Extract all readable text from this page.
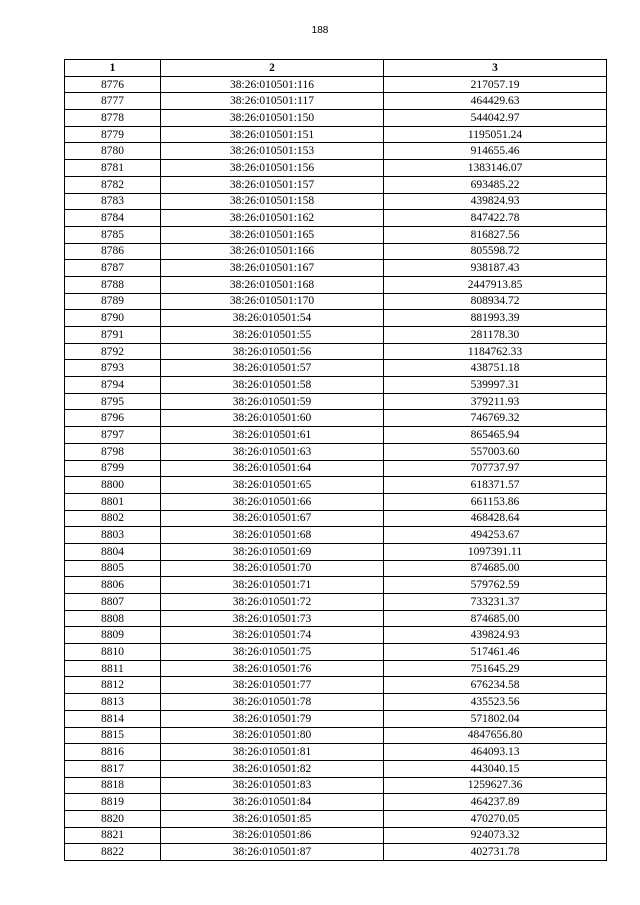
188
1	2	3
8776	38:26:010501:116	217057.19
8777	38:26:010501:117	464429.63
8778	38:26:010501:150	544042.97
8779	38:26:010501:151	1195051.24
8780	38:26:010501:153	914655.46
8781	38:26:010501:156	1383146.07
8782	38:26:010501:157	693485.22
8783	38:26:010501:158	439824.93
8784	38:26:010501:162	847422.78
8785	38:26:010501:165	816827.56
8786	38:26:010501:166	805598.72
8787	38:26:010501:167	938187.43
8788	38:26:010501:168	2447913.85
8789	38:26:010501:170	808934.72
8790	38:26:010501:54	881993.39
8791	38:26:010501:55	281178.30
8792	38:26:010501:56	1184762.33
8793	38:26:010501:57	438751.18
8794	38:26:010501:58	539997.31
8795	38:26:010501:59	379211.93
8796	38:26:010501:60	746769.32
8797	38:26:010501:61	865465.94
8798	38:26:010501:63	557003.60
8799	38:26:010501:64	707737.97
8800	38:26:010501:65	618371.57
8801	38:26:010501:66	661153.86
8802	38:26:010501:67	468428.64
8803	38:26:010501:68	494253.67
8804	38:26:010501:69	1097391.11
8805	38:26:010501:70	874685.00
8806	38:26:010501:71	579762.59
8807	38:26:010501:72	733231.37
8808	38:26:010501:73	874685.00
8809	38:26:010501:74	439824.93
8810	38:26:010501:75	517461.46
8811	38:26:010501:76	751645.29
8812	38:26:010501:77	676234.58
8813	38:26:010501:78	435523.56
8814	38:26:010501:79	571802.04
8815	38:26:010501:80	4847656.80
8816	38:26:010501:81	464093.13
8817	38:26:010501:82	443040.15
8818	38:26:010501:83	1259627.36
8819	38:26:010501:84	464237.89
8820	38:26:010501:85	470270.05
8821	38:26:010501:86	924073.32
8822	38:26:010501:87	402731.78
